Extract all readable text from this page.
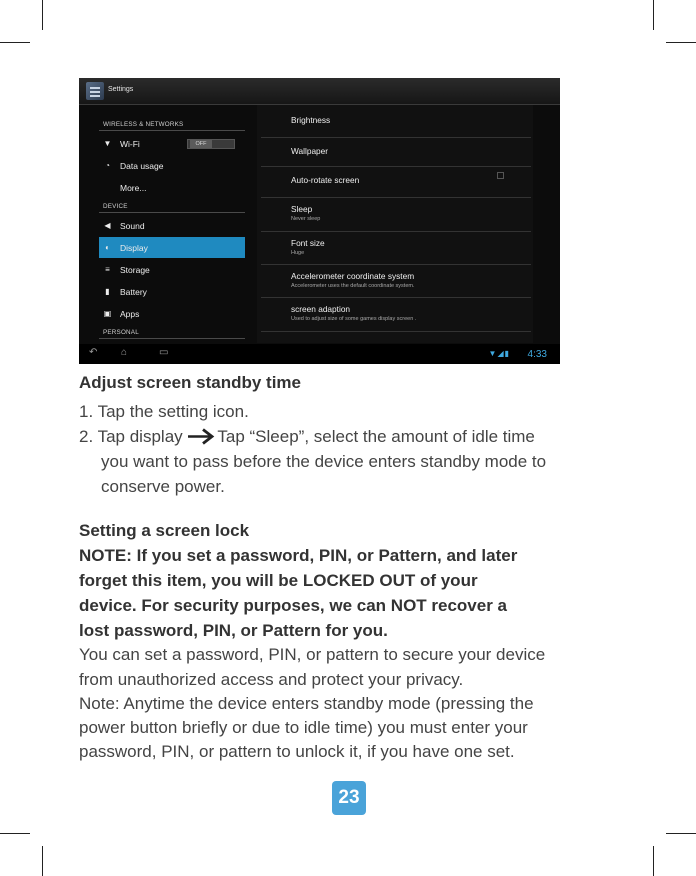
Settings
WIRELESS & NETWORKS
▼ Wi-Fi	OFF
◔ Data usage
More...
DEVICE
◀ Sound
◐ Display
≡ Storage
▮ Battery
▣ Apps
PERSONAL
Brightness
Wallpaper
Auto-rotate screen
Sleep
Never sleep
Font size
Huge
Accelerometer coordinate system
Accelerometer uses the default coordinate system.
screen adaption
Used to adjust size of some games display screen .
↶ ⌂	▭	▼◢▮ 4:33
Adjust screen standby time
1. Tap the setting icon.
2. Tap display Tap “Sleep”, select the amount of idle time
you want to pass before the device enters standby mode to
conserve power.
Setting a screen lock
NOTE: If you set a password, PIN, or Pattern, and later
forget this item, you will be LOCKED OUT of your
device. For security purposes, we can NOT recover a
lost password, PIN, or Pattern for you.
You can set a password, PIN, or pattern to secure your device
from unauthorized access and protect your privacy.
Note: Anytime the device enters standby mode (pressing the
power button briefly or due to idle time) you must enter your
password, PIN, or pattern to unlock it, if you have one set.
23
